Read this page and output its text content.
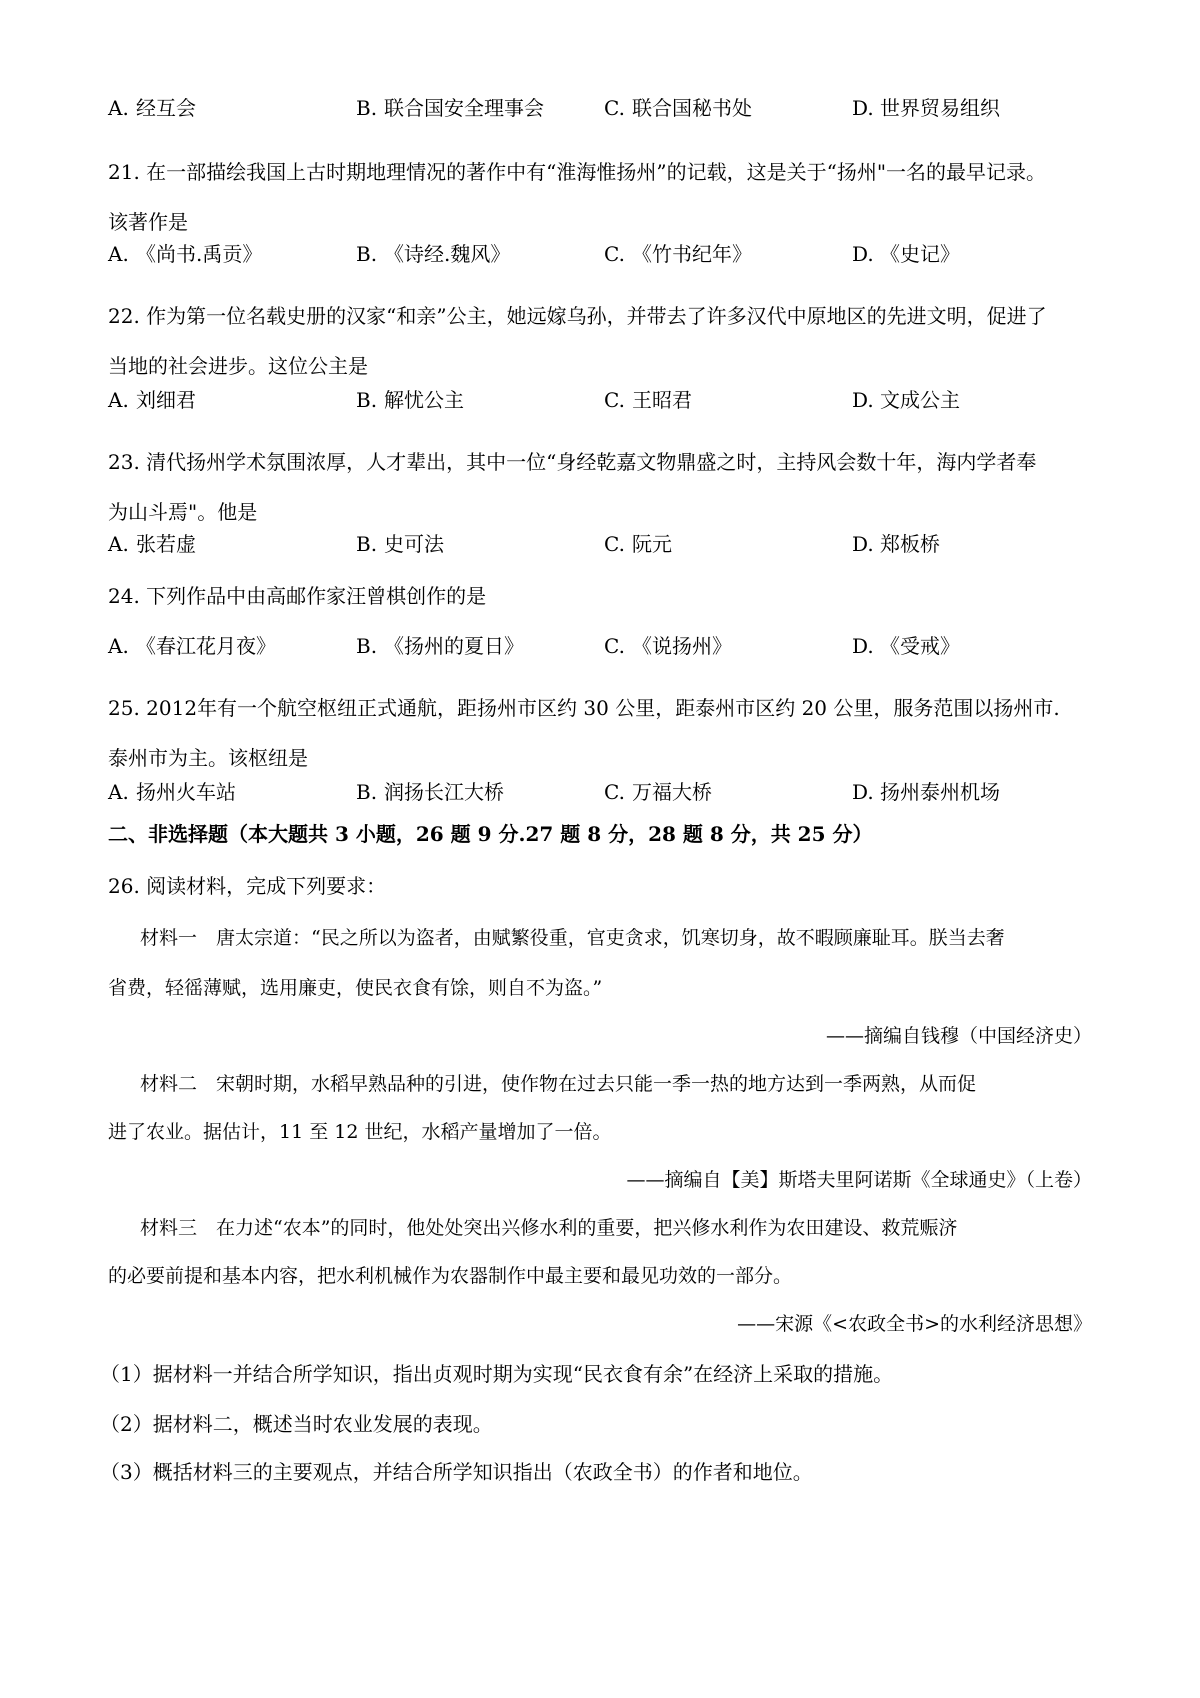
A. 经互会	B. 联合国安全理事会	C. 联合国秘书处	D. 世界贸易组织
21. 在一部描绘我国上古时期地理情况的著作中有“淮海惟扬州”的记载，这是关于“扬州"一名的最早记录。
该著作是
A. 《尚书.禹贡》	B. 《诗经.魏风》	C. 《竹书纪年》	D. 《史记》
22. 作为第一位名载史册的汉家“和亲”公主，她远嫁乌孙，并带去了许多汉代中原地区的先进文明，促进了
当地的社会进步。这位公主是
A. 刘细君	B. 解忧公主	C. 王昭君	D. 文成公主
23. 清代扬州学术氛围浓厚，人才辈出，其中一位“身经乾嘉文物鼎盛之时，主持风会数十年，海内学者奉
为山斗焉"。他是
A. 张若虚	B. 史可法	C. 阮元	D. 郑板桥
24. 下列作品中由高邮作家汪曾棋创作的是
A. 《春江花月夜》	B. 《扬州的夏日》	C. 《说扬州》	D. 《受戒》
25. 2012年有一个航空枢纽正式通航，距扬州市区约 30 公里，距泰州市区约 20 公里，服务范围以扬州市.
泰州市为主。该枢纽是
A. 扬州火车站	B. 润扬长江大桥	C. 万福大桥	D. 扬州泰州机场
二、非选择题（本大题共 3 小题，26 题 9 分.27 题 8 分，28 题 8 分，共 25 分）
26. 阅读材料，完成下列要求：
材料一　唐太宗道：“民之所以为盗者，由赋繁役重，官吏贪求，饥寒切身，故不暇顾廉耻耳。朕当去奢
省费，轻徭薄赋，选用廉吏，使民衣食有馀，则自不为盗。”
——摘编自钱穆（中国经济史）
材料二　宋朝时期，水稻早熟品种的引进，使作物在过去只能一季一热的地方达到一季两熟，从而促
进了农业。据估计，11 至 12 世纪，水稻产量增加了一倍。
——摘编自【美】斯塔夫里阿诺斯《全球通史》（上卷）
材料三　在力述“农本”的同时，他处处突出兴修水利的重要，把兴修水利作为农田建设、救荒赈济
的必要前提和基本内容，把水利机械作为农器制作中最主要和最见功效的一部分。
——宋源《<农政全书>的水利经济思想》
（1）据材料一并结合所学知识，指出贞观时期为实现“民衣食有余”在经济上采取的措施。
（2）据材料二，概述当时农业发展的表现。
（3）概括材料三的主要观点，并结合所学知识指出（农政全书）的作者和地位。
